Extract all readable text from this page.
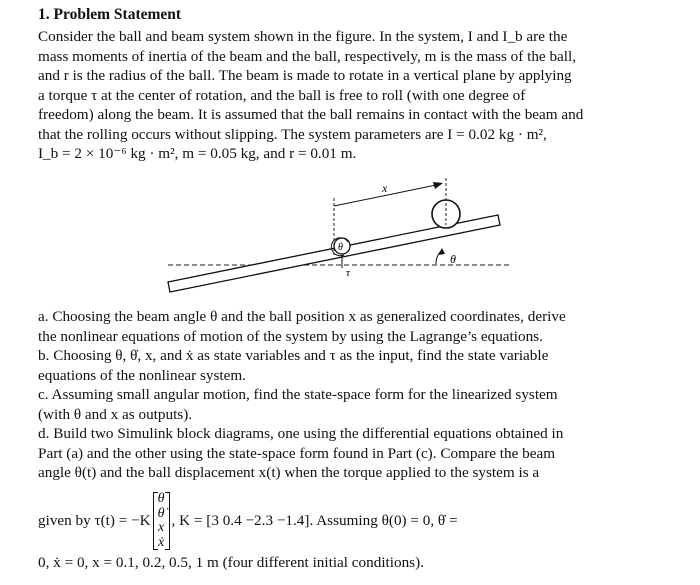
1. Problem Statement
Consider the ball and beam system shown in the figure. In the system, I and I_b are the
mass moments of inertia of the beam and the ball, respectively, m is the mass of the ball,
and r is the radius of the ball. The beam is made to rotate in a vertical plane by applying
a torque τ at the center of rotation, and the ball is free to roll (with one degree of
freedom) along the beam. It is assumed that the ball remains in contact with the beam and
that the rolling occurs without slipping. The system parameters are I = 0.02 kg · m²,
I_b = 2 × 10⁻⁶ kg · m², m = 0.05 kg, and r = 0.01 m.
x
θ
τ
θ
a. Choosing the beam angle θ and the ball position x as generalized coordinates, derive
the nonlinear equations of motion of the system by using the Lagrange’s equations.
b. Choosing θ, θ̇, x, and ẋ as state variables and τ as the input, find the state variable
equations of the nonlinear system.
c. Assuming small angular motion, find the state-space form for the linearized system
(with θ and x as outputs).
d. Build two Simulink block diagrams, one using the differential equations obtained in
Part (a) and the other using the state-space form found in Part (c). Compare the beam
angle θ(t) and the ball displacement x(t) when the torque applied to the system is a
given by τ(t) = −K
θ
θ̇
x
ẋ
, K = [3 0.4 −2.3 −1.4]. Assuming θ(0) = 0, θ̇ =
0, ẋ = 0, x = 0.1, 0.2, 0.5, 1 m (four different initial conditions).
